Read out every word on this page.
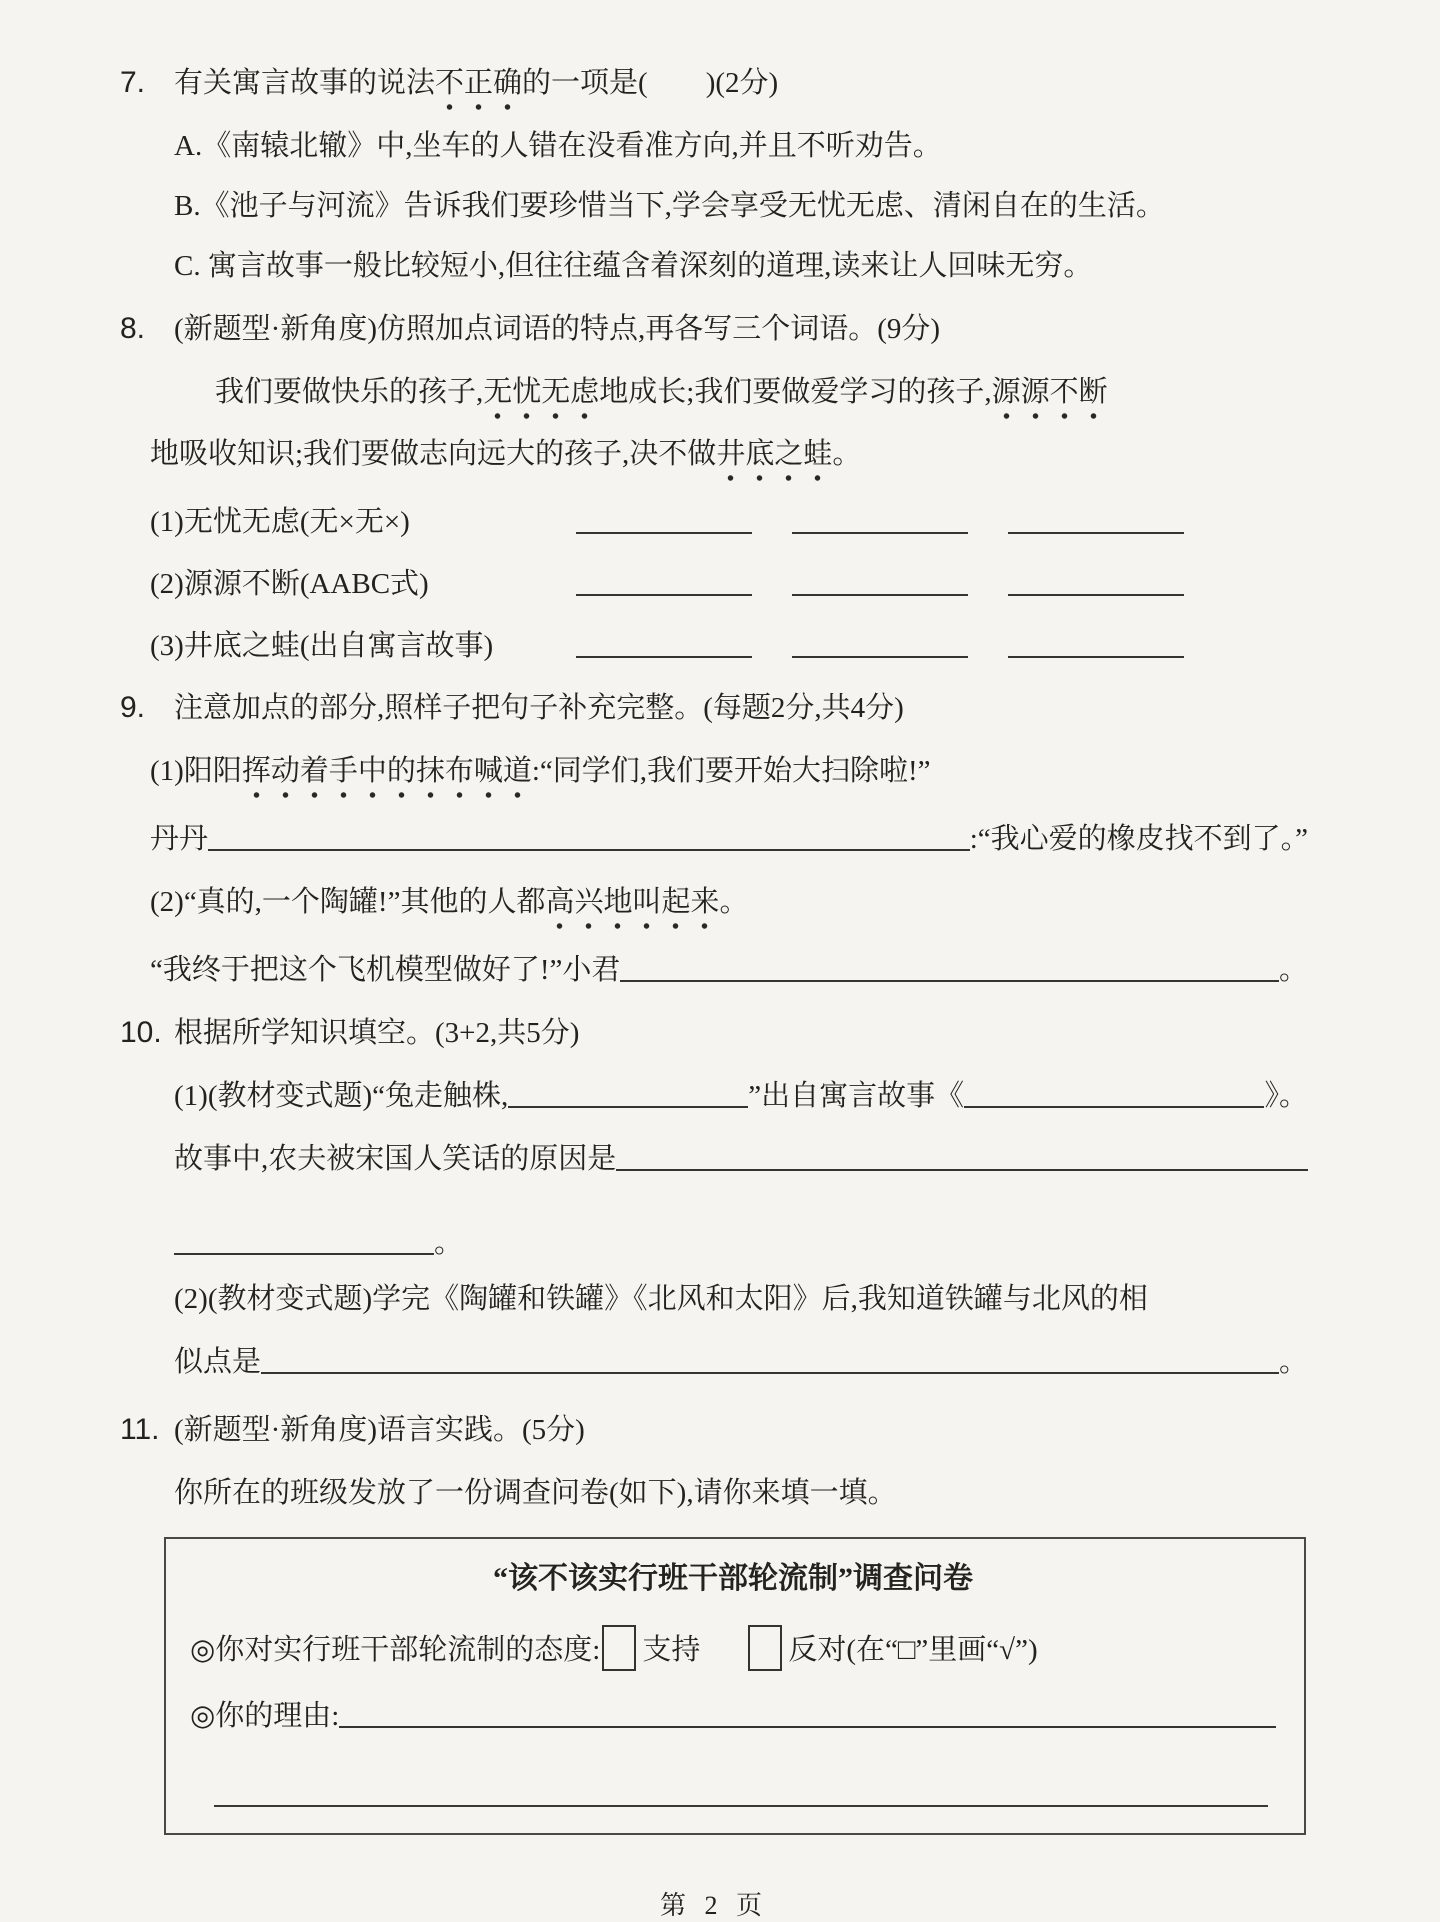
7. 有关寓言故事的说法不正确的一项是(　　)(2分)
A.《南辕北辙》中,坐车的人错在没看准方向,并且不听劝告。
B.《池子与河流》告诉我们要珍惜当下,学会享受无忧无虑、清闲自在的生活。
C. 寓言故事一般比较短小,但往往蕴含着深刻的道理,读来让人回味无穷。
8. (新题型·新角度)仿照加点词语的特点,再各写三个词语。(9分)
我们要做快乐的孩子,无忧无虑地成长;我们要做爱学习的孩子,源源不断
地吸收知识;我们要做志向远大的孩子,决不做井底之蛙。
(1)无忧无虑(无×无×)
(2)源源不断(AABC式)
(3)井底之蛙(出自寓言故事)
9. 注意加点的部分,照样子把句子补充完整。(每题2分,共4分)
(1)阳阳挥动着手中的抹布喊道:“同学们,我们要开始大扫除啦!”
丹丹	:“我心爱的橡皮找不到了。”
(2)“真的,一个陶罐!”其他的人都高兴地叫起来。
“我终于把这个飞机模型做好了!”小君	。
10. 根据所学知识填空。(3+2,共5分)
(1)(教材变式题)“兔走触株,	”出自寓言故事《	》。
故事中,农夫被宋国人笑话的原因是
。
(2)(教材变式题)学完《陶罐和铁罐》《北风和太阳》后,我知道铁罐与北风的相
似点是	。
11. (新题型·新角度)语言实践。(5分)
你所在的班级发放了一份调查问卷(如下),请你来填一填。
“该不该实行班干部轮流制”调查问卷
◎你对实行班干部轮流制的态度: 支持	反对(在“□”里画“√”)
◎你的理由:
第 2 页
